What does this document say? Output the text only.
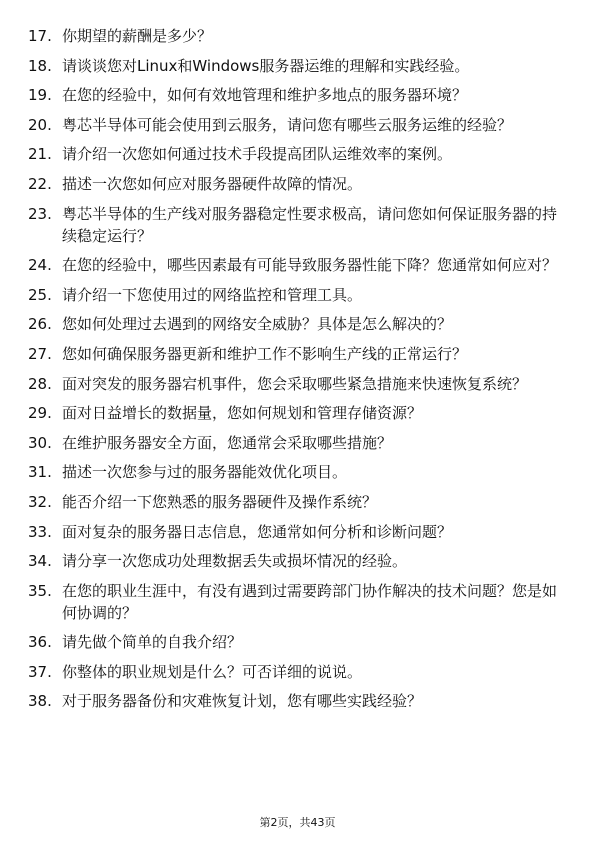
17. 你期望的薪酬是多少？
18. 请谈谈您对Linux和Windows服务器运维的理解和实践经验。
19. 在您的经验中，如何有效地管理和维护多地点的服务器环境？
20. 粤芯半导体可能会使用到云服务，请问您有哪些云服务运维的经验？
21. 请介绍一次您如何通过技术手段提高团队运维效率的案例。
22. 描述一次您如何应对服务器硬件故障的情况。
23. 粤芯半导体的生产线对服务器稳定性要求极高，请问您如何保证服务器的持续稳定运行？
24. 在您的经验中，哪些因素最有可能导致服务器性能下降？您通常如何应对？
25. 请介绍一下您使用过的网络监控和管理工具。
26. 您如何处理过去遇到的网络安全威胁？具体是怎么解决的？
27. 您如何确保服务器更新和维护工作不影响生产线的正常运行？
28. 面对突发的服务器宕机事件，您会采取哪些紧急措施来快速恢复系统？
29. 面对日益增长的数据量，您如何规划和管理存储资源？
30. 在维护服务器安全方面，您通常会采取哪些措施？
31. 描述一次您参与过的服务器能效优化项目。
32. 能否介绍一下您熟悉的服务器硬件及操作系统？
33. 面对复杂的服务器日志信息，您通常如何分析和诊断问题？
34. 请分享一次您成功处理数据丢失或损坏情况的经验。
35. 在您的职业生涯中，有没有遇到过需要跨部门协作解决的技术问题？您是如何协调的？
36. 请先做个简单的自我介绍？
37. 你整体的职业规划是什么？可否详细的说说。
38. 对于服务器备份和灾难恢复计划，您有哪些实践经验？
第2页，共43页
